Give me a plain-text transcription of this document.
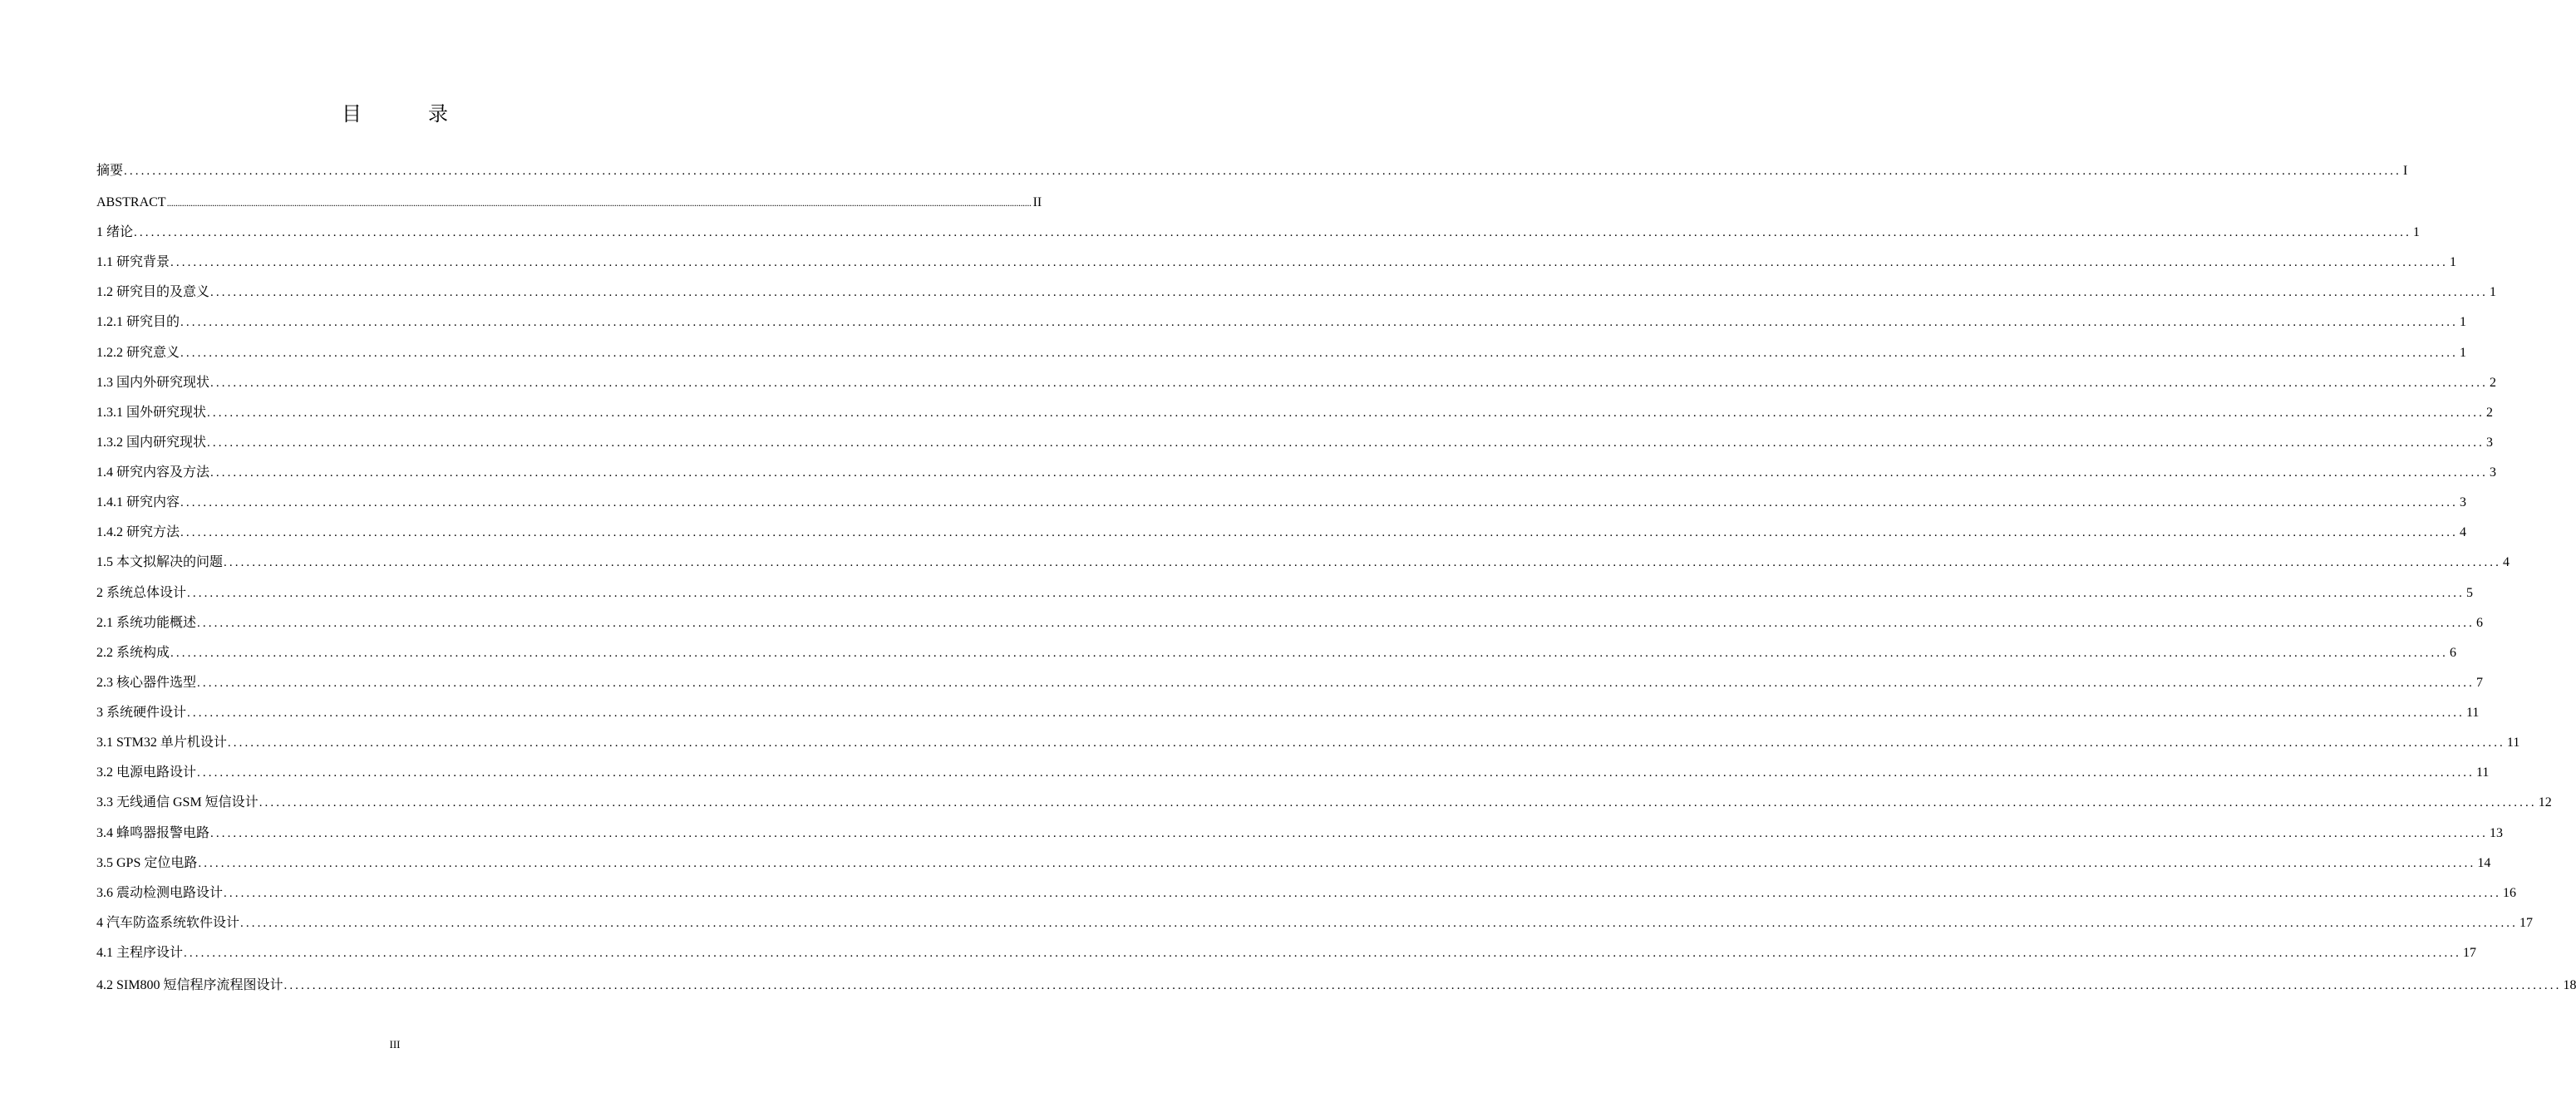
目　录
摘要 ................................................................................................................................................................................................................................................................................................................................................................................................................ I
ABSTRACT ................................................................................................................................................................................................................................................................................................................................................................................................................ II
1 绪论 ................................................................................................................................................................................................................................................................................................................................................................................................................ 1
1.1 研究背景 ................................................................................................................................................................................................................................................................................................................................................................................................................ 1
1.2 研究目的及意义 ................................................................................................................................................................................................................................................................................................................................................................................................................ 1
1.2.1 研究目的 ................................................................................................................................................................................................................................................................................................................................................................................................................ 1
1.2.2 研究意义 ................................................................................................................................................................................................................................................................................................................................................................................................................ 1
1.3 国内外研究现状 ................................................................................................................................................................................................................................................................................................................................................................................................................ 2
1.3.1 国外研究现状 ................................................................................................................................................................................................................................................................................................................................................................................................................ 2
1.3.2 国内研究现状 ................................................................................................................................................................................................................................................................................................................................................................................................................ 3
1.4 研究内容及方法 ................................................................................................................................................................................................................................................................................................................................................................................................................ 3
1.4.1 研究内容 ................................................................................................................................................................................................................................................................................................................................................................................................................ 3
1.4.2 研究方法 ................................................................................................................................................................................................................................................................................................................................................................................................................ 4
1.5 本文拟解决的问题 ................................................................................................................................................................................................................................................................................................................................................................................................................ 4
2 系统总体设计 ................................................................................................................................................................................................................................................................................................................................................................................................................ 5
2.1 系统功能概述 ................................................................................................................................................................................................................................................................................................................................................................................................................ 6
2.2 系统构成 ................................................................................................................................................................................................................................................................................................................................................................................................................ 6
2.3 核心器件选型 ................................................................................................................................................................................................................................................................................................................................................................................................................ 7
3 系统硬件设计 ................................................................................................................................................................................................................................................................................................................................................................................................................ 11
3.1 STM32 单片机设计 ................................................................................................................................................................................................................................................................................................................................................................................................................ 11
3.2 电源电路设计 ................................................................................................................................................................................................................................................................................................................................................................................................................ 11
3.3 无线通信 GSM 短信设计 ................................................................................................................................................................................................................................................................................................................................................................................................................ 12
3.4 蜂鸣器报警电路 ................................................................................................................................................................................................................................................................................................................................................................................................................ 13
3.5 GPS 定位电路 ................................................................................................................................................................................................................................................................................................................................................................................................................ 14
3.6 震动检测电路设计 ................................................................................................................................................................................................................................................................................................................................................................................................................ 16
4 汽车防盗系统软件设计 ................................................................................................................................................................................................................................................................................................................................................................................................................ 17
4.1 主程序设计 ................................................................................................................................................................................................................................................................................................................................................................................................................ 17
4.2 SIM800 短信程序流程图设计 ................................................................................................................................................................................................................................................................................................................................................................................................................ 18
III
